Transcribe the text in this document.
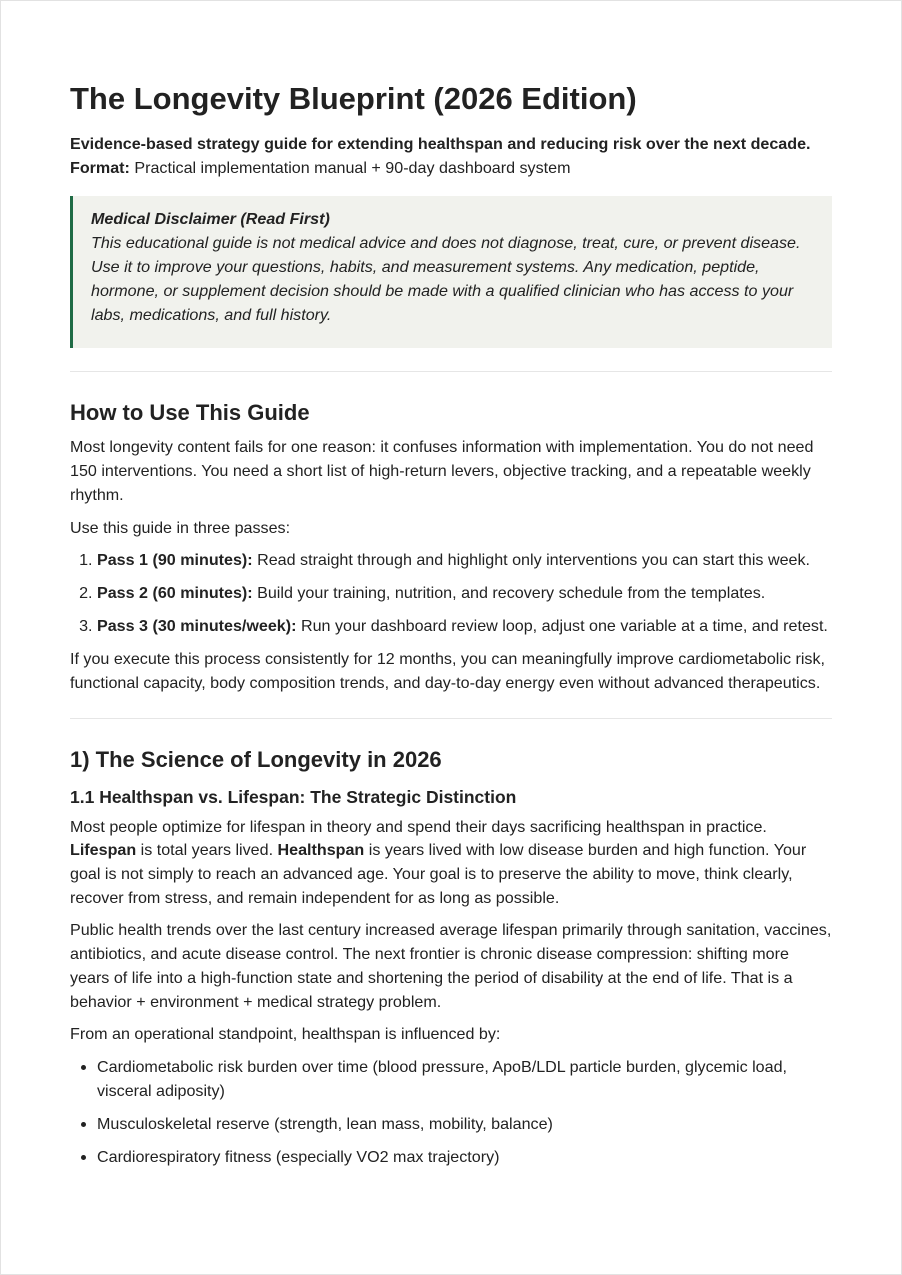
The Longevity Blueprint (2026 Edition)

Evidence-based strategy guide for extending healthspan and reducing risk over the next decade.
Format: Practical implementation manual + 90-day dashboard system

Medical Disclaimer (Read First)
This educational guide is not medical advice and does not diagnose, treat, cure, or prevent disease. Use it to improve your questions, habits, and measurement systems. Any medication, peptide, hormone, or supplement decision should be made with a qualified clinician who has access to your labs, medications, and full history.
How to Use This Guide

Most longevity content fails for one reason: it confuses information with implementation. You do not need 150 interventions. You need a short list of high-return levers, objective tracking, and a repeatable weekly rhythm.

Use this guide in three passes:

1. Pass 1 (90 minutes): Read straight through and highlight only interventions you can start this week.
2. Pass 2 (60 minutes): Build your training, nutrition, and recovery schedule from the templates.
3. Pass 3 (30 minutes/week): Run your dashboard review loop, adjust one variable at a time, and retest.

If you execute this process consistently for 12 months, you can meaningfully improve cardiometabolic risk, functional capacity, body composition trends, and day-to-day energy even without advanced therapeutics.

1) The Science of Longevity in 2026
1.1 Healthspan vs. Lifespan: The Strategic Distinction

Most people optimize for lifespan in theory and spend their days sacrificing healthspan in practice. Lifespan is total years lived. Healthspan is years lived with low disease burden and high function. Your goal is not simply to reach an advanced age. Your goal is to preserve the ability to move, think clearly, recover from stress, and remain independent for as long as possible.

Public health trends over the last century increased average lifespan primarily through sanitation, vaccines, antibiotics, and acute disease control. The next frontier is chronic disease compression: shifting more years of life into a high-function state and shortening the period of disability at the end of life. That is a behavior + environment + medical strategy problem.

From an operational standpoint, healthspan is influenced by:

• Cardiometabolic risk burden over time (blood pressure, ApoB/LDL particle burden, glycemic load, visceral adiposity)
• Musculoskeletal reserve (strength, lean mass, mobility, balance)
• Cardiorespiratory fitness (especially VO2 max trajectory)
